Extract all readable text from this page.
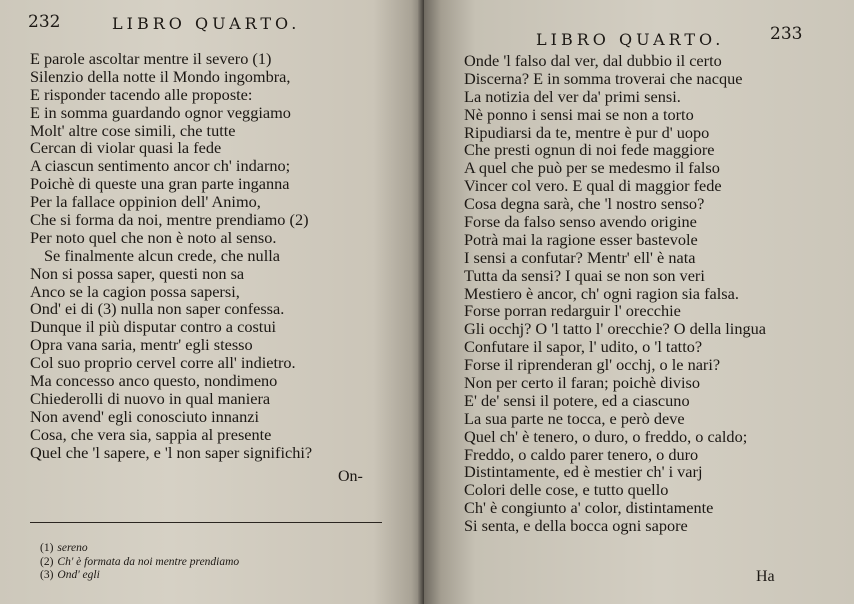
232	LIBRO QUARTO.
E parole ascoltar mentre il severo (1)
Silenzio della notte il Mondo ingombra,
E risponder tacendo alle proposte:
E in somma guardando ognor veggiamo
Molt' altre cose simili, che tutte
Cercan di violar quasi la fede
A ciascun sentimento ancor ch' indarno;
Poichè di queste una gran parte inganna
Per la fallace oppinion dell' Animo,
Che si forma da noi, mentre prendiamo (2)
Per noto quel che non è noto al senso.
Se finalmente alcun crede, che nulla
Non si possa saper, questi non sa
Anco se la cagion possa sapersi,
Ond' ei di (3) nulla non saper confessa.
Dunque il più disputar contro a costui
Opra vana saria, mentr' egli stesso
Col suo proprio cervel corre all' indietro.
Ma concesso anco questo, nondimeno
Chiederolli di nuovo in qual maniera
Non avend' egli conosciuto innanzi
Cosa, che vera sia, sappia al presente
Quel che 'l sapere, e 'l non saper significhi?
On-
(1) sereno
(2) Ch' è formata da noi mentre prendiamo
(3) Ond' egli
LIBRO QUARTO.	233
Onde 'l falso dal ver, dal dubbio il certo
Discerna? E in somma troverai che nacque
La notizia del ver da' primi sensi.
Nè ponno i sensi mai se non a torto
Ripudiarsi da te, mentre è pur d' uopo
Che presti ognun di noi fede maggiore
A quel che può per se medesmo il falso
Vincer col vero. E qual di maggior fede
Cosa degna sarà, che 'l nostro senso?
Forse da falso senso avendo origine
Potrà mai la ragione esser bastevole
I sensi a confutar? Mentr' ell' è nata
Tutta da sensi? I quai se non son veri
Mestiero è ancor, ch' ogni ragion sia falsa.
Forse porran redarguir l' orecchie
Gli occhj? O 'l tatto l' orecchie? O della lingua
Confutare il sapor, l' udito, o 'l tatto?
Forse il riprenderan gl' occhj, o le nari?
Non per certo il faran; poichè diviso
E' de' sensi il potere, ed a ciascuno
La sua parte ne tocca, e però deve
Quel ch' è tenero, o duro, o freddo, o caldo;
Freddo, o caldo parer tenero, o duro
Distintamente, ed è mestier ch' i varj
Colori delle cose, e tutto quello
Ch' è congiunto a' color, distintamente
Si senta, e della bocca ogni sapore
Ha
